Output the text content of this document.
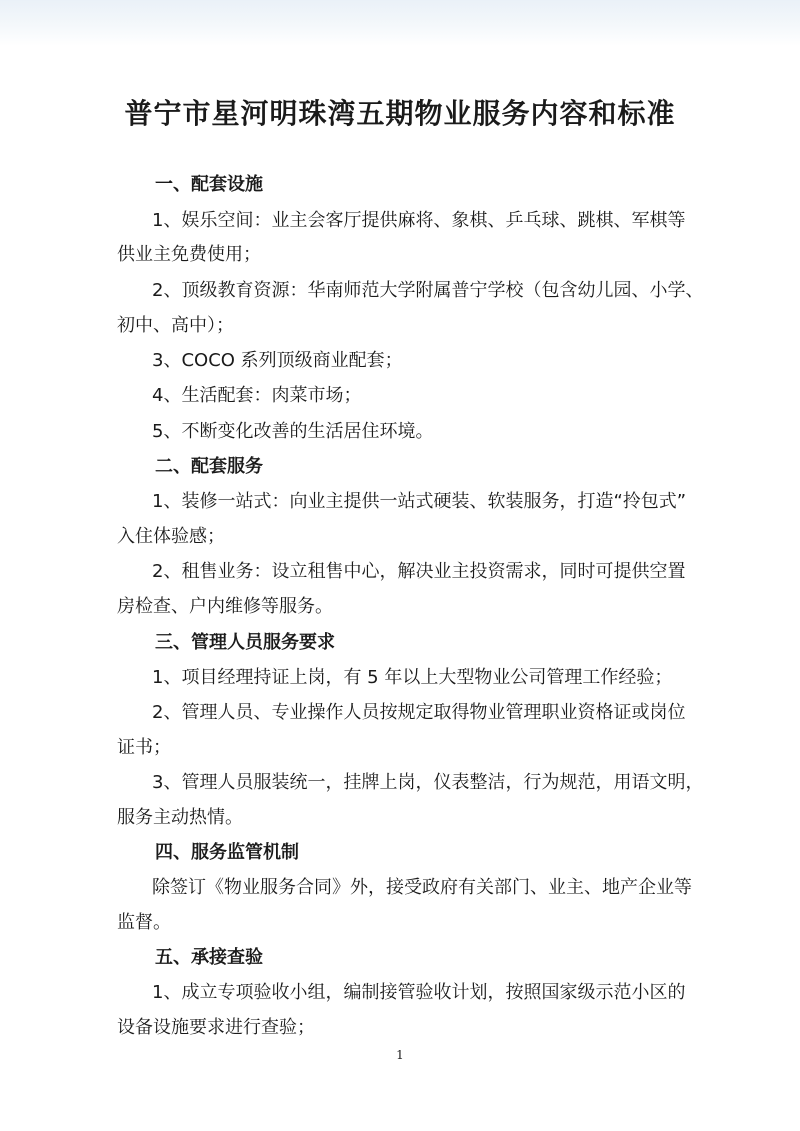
普宁市星河明珠湾五期物业服务内容和标准

一、配套设施

1、娱乐空间：业主会客厅提供麻将、象棋、乒乓球、跳棋、军棋等

供业主免费使用；

2、顶级教育资源：华南师范大学附属普宁学校（包含幼儿园、小学、

初中、高中）；

3、COCO 系列顶级商业配套；

4、生活配套：肉菜市场；

5、不断变化改善的生活居住环境。

二、配套服务

1、装修一站式：向业主提供一站式硬装、软装服务，打造“拎包式”

入住体验感；

2、租售业务：设立租售中心，解决业主投资需求，同时可提供空置

房检查、户内维修等服务。

三、管理人员服务要求

1、项目经理持证上岗，有 5 年以上大型物业公司管理工作经验；

2、管理人员、专业操作人员按规定取得物业管理职业资格证或岗位

证书；

3、管理人员服装统一，挂牌上岗，仪表整洁，行为规范，用语文明，

服务主动热情。

四、服务监管机制

除签订《物业服务合同》外，接受政府有关部门、业主、地产企业等

监督。

五、承接查验

1、成立专项验收小组，编制接管验收计划，按照国家级示范小区的

设备设施要求进行查验；

1
